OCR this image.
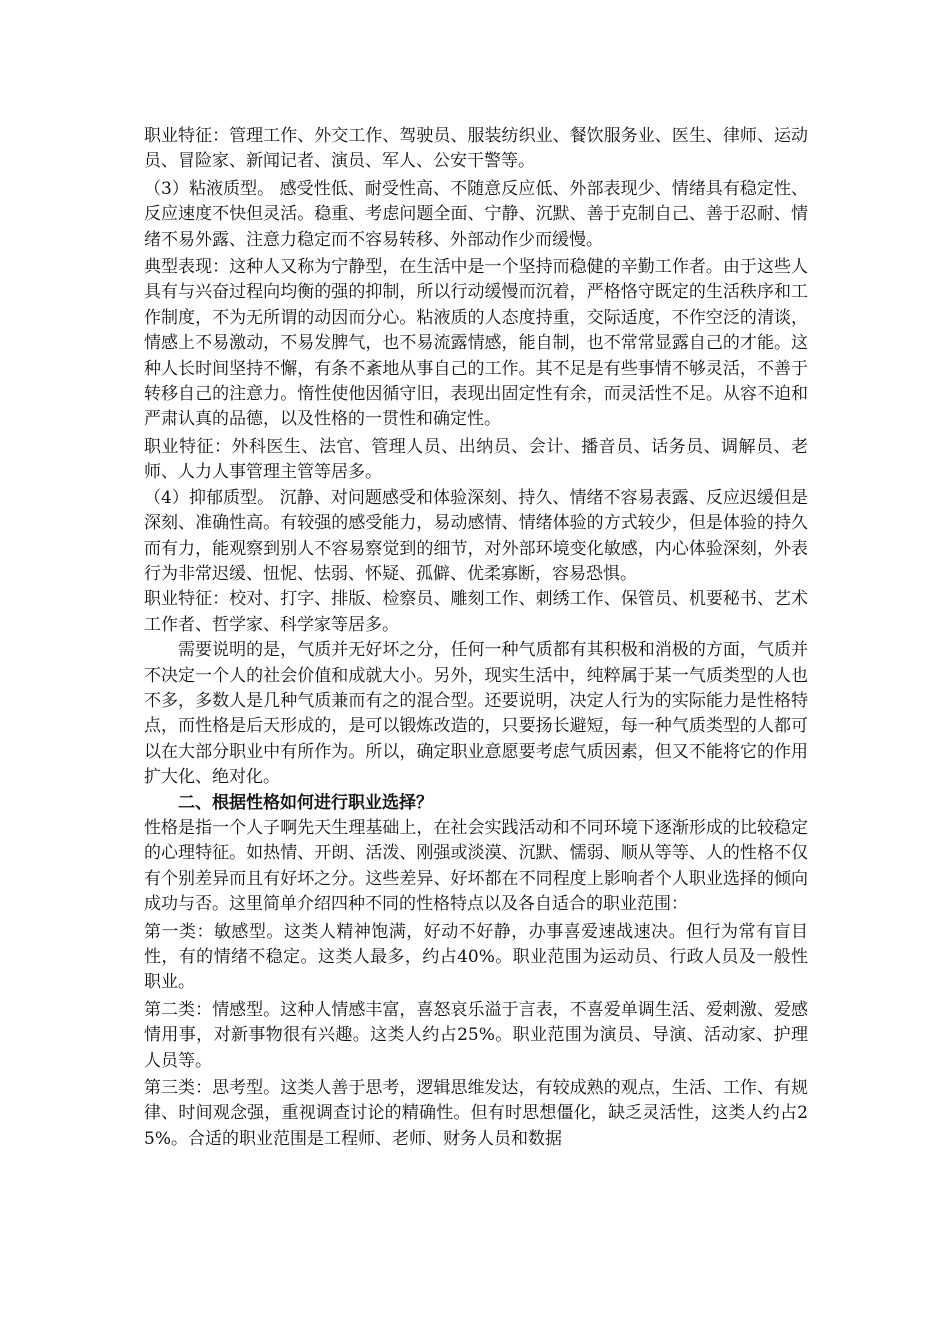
职业特征：管理工作、外交工作、驾驶员、服装纺织业、餐饮服务业、医生、律师、运动员、冒险家、新闻记者、演员、军人、公安干警等。

（3）粘液质型。 感受性低、耐受性高、不随意反应低、外部表现少、情绪具有稳定性、反应速度不快但灵活。稳重、考虑问题全面、宁静、沉默、善于克制自己、善于忍耐、情绪不易外露、注意力稳定而不容易转移、外部动作少而缓慢。

典型表现：这种人又称为宁静型，在生活中是一个坚持而稳健的辛勤工作者。由于这些人具有与兴奋过程向均衡的强的抑制，所以行动缓慢而沉着，严格恪守既定的生活秩序和工作制度，不为无所谓的动因而分心。粘液质的人态度持重，交际适度，不作空泛的清谈，情感上不易激动，不易发脾气，也不易流露情感，能自制，也不常常显露自己的才能。这种人长时间坚持不懈，有条不紊地从事自己的工作。其不足是有些事情不够灵活，不善于转移自己的注意力。惰性使他因循守旧，表现出固定性有余，而灵活性不足。从容不迫和严肃认真的品德，以及性格的一贯性和确定性。

职业特征：外科医生、法官、管理人员、出纳员、会计、播音员、话务员、调解员、老师、人力人事管理主管等居多。

（4）抑郁质型。 沉静、对问题感受和体验深刻、持久、情绪不容易表露、反应迟缓但是深刻、准确性高。有较强的感受能力，易动感情、情绪体验的方式较少，但是体验的持久而有力，能观察到别人不容易察觉到的细节，对外部环境变化敏感，内心体验深刻，外表行为非常迟缓、忸怩、怯弱、怀疑、孤僻、优柔寡断，容易恐惧。

职业特征：校对、打字、排版、检察员、雕刻工作、刺绣工作、保管员、机要秘书、艺术工作者、哲学家、科学家等居多。

需要说明的是，气质并无好坏之分，任何一种气质都有其积极和消极的方面，气质并不决定一个人的社会价值和成就大小。另外，现实生活中，纯粹属于某一气质类型的人也不多，多数人是几种气质兼而有之的混合型。还要说明，决定人行为的实际能力是性格特点，而性格是后天形成的，是可以锻炼改造的，只要扬长避短，每一种气质类型的人都可以在大部分职业中有所作为。所以，确定职业意愿要考虑气质因素，但又不能将它的作用扩大化、绝对化。

二、根据性格如何进行职业选择？

性格是指一个人子啊先天生理基础上，在社会实践活动和不同环境下逐渐形成的比较稳定的心理特征。如热情、开朗、活泼、刚强或淡漠、沉默、懦弱、顺从等等、人的性格不仅有个别差异而且有好坏之分。这些差异、好坏都在不同程度上影响者个人职业选择的倾向成功与否。这里简单介绍四种不同的性格特点以及各自适合的职业范围：

第一类：敏感型。这类人精神饱满，好动不好静，办事喜爱速战速决。但行为常有盲目性，有的情绪不稳定。这类人最多，约占40%。职业范围为运动员、行政人员及一般性职业。

第二类：情感型。这种人情感丰富，喜怒哀乐溢于言表，不喜爱单调生活、爱刺激、爱感情用事，对新事物很有兴趣。这类人约占25%。职业范围为演员、导演、活动家、护理人员等。

第三类：思考型。这类人善于思考，逻辑思维发达，有较成熟的观点，生活、工作、有规律、时间观念强，重视调查讨论的精确性。但有时思想僵化，缺乏灵活性，这类人约占25%。合适的职业范围是工程师、老师、财务人员和数据
